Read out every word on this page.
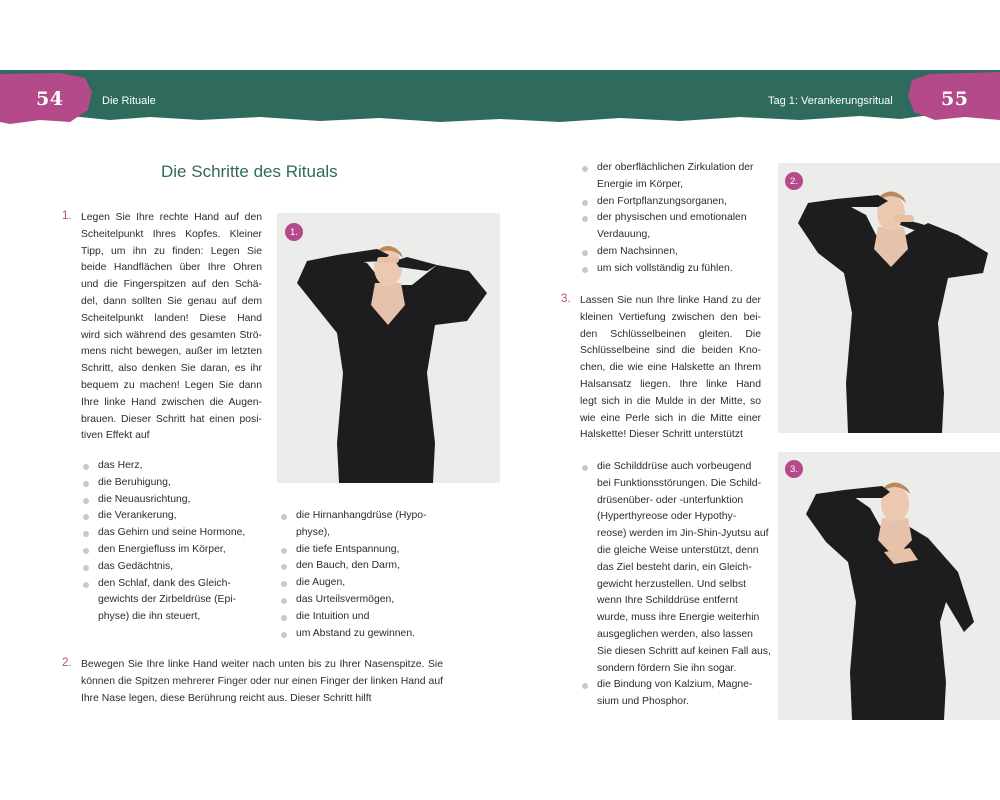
54	Die Rituale	Tag 1: Verankerungsritual	55
Die Schritte des Rituals
1. Legen Sie Ihre rechte Hand auf den
Scheitelpunkt Ihres Kopfes. Kleiner
Tipp, um ihn zu finden: Legen Sie
beide Handflächen über Ihre Ohren
und die Fingerspitzen auf den Schä-
del, dann sollten Sie genau auf dem
Scheitelpunkt landen! Diese Hand
wird sich während des gesamten Strö-
mens nicht bewegen, außer im letzten
Schritt, also denken Sie daran, es ihr
bequem zu machen! Legen Sie dann
Ihre linke Hand zwischen die Augen-
brauen. Dieser Schritt hat einen posi-
tiven Effekt auf
1.
das Herz,
die Beruhigung,
die Neuausrichtung,
die Verankerung,
das Gehirn und seine Hormone,
den Energiefluss im Körper,
das Gedächtnis,
den Schlaf, dank des Gleich-
gewichts der Zirbeldrüse (Epi-
physe) die ihn steuert,
die Hirnanhangdrüse (Hypo-
physe),
die tiefe Entspannung,
den Bauch, den Darm,
die Augen,
das Urteilsvermögen,
die Intuition und
um Abstand zu gewinnen.
2. Bewegen Sie Ihre linke Hand weiter nach unten bis zu Ihrer Nasenspitze. Sie
können die Spitzen mehrerer Finger oder nur einen Finger der linken Hand auf
Ihre Nase legen, diese Berührung reicht aus. Dieser Schritt hilft
der oberflächlichen Zirkulation der
Energie im Körper,
den Fortpflanzungsorganen,
der physischen und emotionalen
Verdauung,
dem Nachsinnen,
um sich vollständig zu fühlen.
3. Lassen Sie nun Ihre linke Hand zu der
kleinen Vertiefung zwischen den bei-
den Schlüsselbeinen gleiten. Die
Schlüsselbeine sind die beiden Kno-
chen, die wie eine Halskette an Ihrem
Halsansatz liegen. Ihre linke Hand
legt sich in die Mulde in der Mitte, so
wie eine Perle sich in die Mitte einer
Halskette! Dieser Schritt unterstützt
die Schilddrüse auch vorbeugend
bei Funktionsstörungen. Die Schild-
drüsenüber- oder -unterfunktion
(Hyperthyreose oder Hypothy-
reose) werden im Jin-Shin-Jyutsu auf
die gleiche Weise unterstützt, denn
das Ziel besteht darin, ein Gleich-
gewicht herzustellen. Und selbst
wenn Ihre Schilddrüse entfernt
wurde, muss ihre Energie weiterhin
ausgeglichen werden, also lassen
Sie diesen Schritt auf keinen Fall aus,
sondern fördern Sie ihn sogar.
die Bindung von Kalzium, Magne-
sium und Phosphor.
2.
3.
